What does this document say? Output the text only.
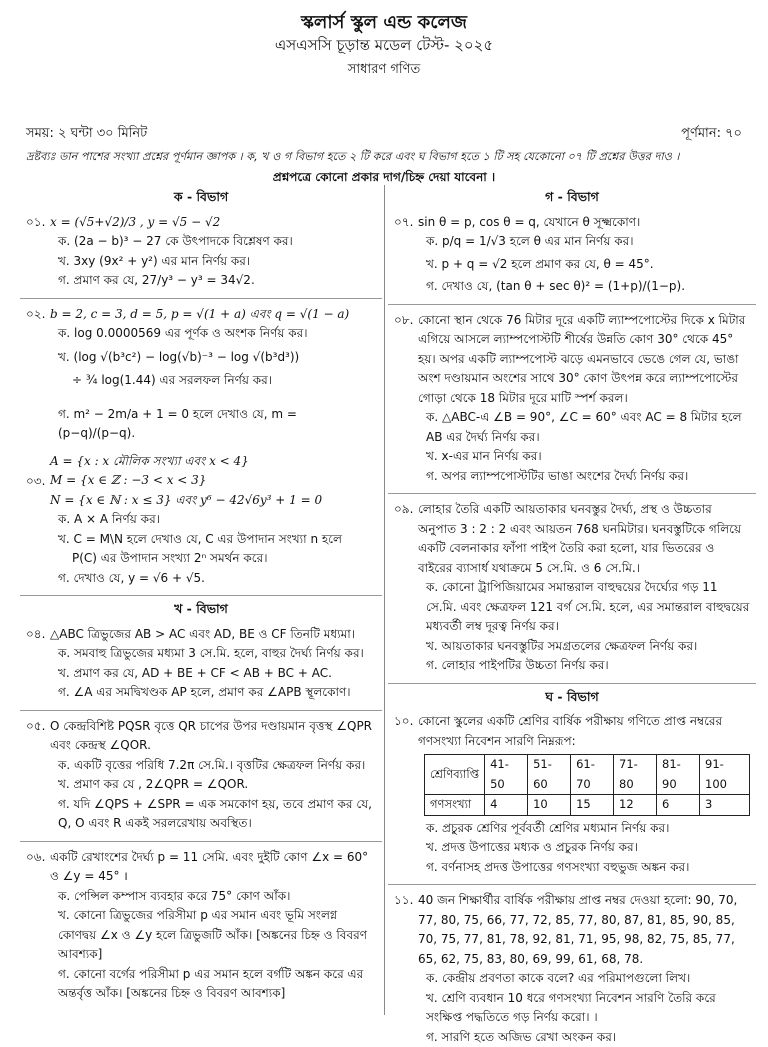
স্কলার্স স্কুল এন্ড কলেজ
এসএসসি চূড়ান্ত মডেল টেস্ট- ২০২৫
সাধারণ গণিত
সময়: ২ ঘন্টা ৩০ মিনিট	পূর্ণমান: ৭০
দ্রষ্টব্যঃ ডান পাশের সংখ্যা প্রশ্নের পূর্ণমান জ্ঞাপক । ক, খ ও গ বিভাগ হতে ২ টি করে এবং ঘ বিভাগ হতে ১ টি সহ যেকোনো ০৭ টি প্রশ্নের উত্তর দাও ।
প্রশ্নপত্রে কোনো প্রকার দাগ/চিহ্ন দেয়া যাবেনা ।
ক - বিভাগ
০১. x = (√5+√2)/3 , y = √5 − √2
ক. (2a − b)³ − 27 কে উৎপাদকে বিশ্লেষণ কর।
খ. 3xy (9x² + y²) এর মান নির্ণয় কর।
গ. প্রমাণ কর যে, 27/y³ − y³ = 34√2.
০২. b = 2, c = 3, d = 5, p = √(1 + a) এবং q = √(1 − a)
ক. log 0.0000569 এর পূর্ণক ও অংশক নির্ণয় কর।
খ. (log √(b³c²) − log(√b)⁻³ − log √(b³d³))
÷ ¾ log(1.44) এর সরলফল নির্ণয় কর।
গ. m² − 2m/a + 1 = 0 হলে দেখাও যে, m = (p−q)/(p−q).
A = {x : x মৌলিক সংখ্যা এবং x < 4}
০৩. M = {x ∈ ℤ : −3 < x < 3}
N = {x ∈ ℕ : x ≤ 3} এবং y⁶ − 42√6y³ + 1 = 0
ক. A × A নির্ণয় কর।
খ. C = M\N হলে দেখাও যে, C এর উপাদান সংখ্যা n হলে
P(C) এর উপাদান সংখ্যা 2ⁿ সমর্থন করে।
গ. দেখাও যে, y = √6 + √5.
খ - বিভাগ
০৪. △ABC ত্রিভুজের AB > AC এবং AD, BE ও CF তিনটি মধ্যমা।
ক. সমবাহু ত্রিভুজের মধ্যমা 3 সে.মি. হলে, বাহুর দৈর্ঘ্য নির্ণয় কর।
খ. প্রমাণ কর যে, AD + BE + CF < AB + BC + AC.
গ. ∠A এর সমদ্বিখণ্ডক AP হলে, প্রমাণ কর ∠APB স্থূলকোণ।
০৫. O কেন্দ্রবিশিষ্ট PQSR বৃত্তে QR চাপের উপর দণ্ডায়মান বৃত্তস্থ ∠QPR এবং কেন্দ্রস্থ ∠QOR.
ক. একটি বৃত্তের পরিধি 7.2π সে.মি.। বৃত্তটির ক্ষেত্রফল নির্ণয় কর।
খ. প্রমাণ কর যে , 2∠QPR = ∠QOR.
গ. যদি ∠QPS + ∠SPR = এক সমকোণ হয়, তবে প্রমাণ কর যে, Q, O এবং R একই সরলরেখায় অবস্থিত।
০৬. একটি রেখাংশের দৈর্ঘ্য p = 11 সেমি. এবং দুইটি কোণ ∠x = 60° ও ∠y = 45° ।
ক. পেন্সিল কম্পাস ব্যবহার করে 75° কোণ আঁক।
খ. কোনো ত্রিভুজের পরিসীমা p এর সমান এবং ভূমি সংলগ্ন কোণদ্বয় ∠x ও ∠y হলে ত্রিভুজটি আঁক। [অঙ্কনের চিহ্ন ও বিবরণ আবশ্যক]
গ. কোনো বর্গের পরিসীমা p এর সমান হলে বর্গটি অঙ্কন করে এর অন্তর্বৃত্ত আঁক। [অঙ্কনের চিহ্ন ও বিবরণ আবশ্যক]
গ - বিভাগ
০৭. sin θ = p, cos θ = q, যেখানে θ সূক্ষ্মকোণ।
ক. p/q = 1/√3 হলে θ এর মান নির্ণয় কর।
খ. p + q = √2 হলে প্রমাণ কর যে, θ = 45°.
গ. দেখাও যে, (tan θ + sec θ)² = (1+p)/(1−p).
০৮. কোনো স্থান থেকে 76 মিটার দূরে একটি ল্যাম্পপোস্টের দিকে x মিটার এগিয়ে আসলে ল্যাম্পপোস্টটি শীর্ষের উন্নতি কোণ 30° থেকে 45° হয়। অপর একটি ল্যাম্পপোস্ট ঝড়ে এমনভাবে ভেঙে গেল যে, ভাঙা অংশ দণ্ডায়মান অংশের সাথে 30° কোণ উৎপন্ন করে ল্যাম্পপোস্টের গোড়া থেকে 18 মিটার দূরে মাটি স্পর্শ করল।
ক. △ABC-এ ∠B = 90°, ∠C = 60° এবং AC = 8 মিটার হলে AB এর দৈর্ঘ্য নির্ণয় কর।
খ. x-এর মান নির্ণয় কর।
গ. অপর ল্যাম্পপোস্টটির ভাঙা অংশের দৈর্ঘ্য নির্ণয় কর।
০৯. লোহার তৈরি একটি আয়তাকার ঘনবস্তুর দৈর্ঘ্য, প্রস্থ ও উচ্চতার অনুপাত 3 : 2 : 2 এবং আয়তন 768 ঘনমিটার। ঘনবস্তুটিকে গলিয়ে একটি বেলনাকার ফাঁপা পাইপ তৈরি করা হলো, যার ভিতরের ও বাইরের ব্যাসার্ধ যথাক্রমে 5 সে.মি. ও 6 সে.মি.।
ক. কোনো ট্রাপিজিয়ামের সমান্তরাল বাহুদ্বয়ের দৈর্ঘ্যের গড় 11 সে.মি. এবং ক্ষেত্রফল 121 বর্গ সে.মি. হলে, এর সমান্তরাল বাহুদ্বয়ের মধ্যবর্তী লম্ব দূরত্ব নির্ণয় কর।
খ. আয়তাকার ঘনবস্তুটির সমগ্রতলের ক্ষেত্রফল নির্ণয় কর।
গ. লোহার পাইপটির উচ্চতা নির্ণয় কর।
ঘ - বিভাগ
১০. কোনো স্কুলের একটি শ্রেণির বার্ষিক পরীক্ষায় গণিতে প্রাপ্ত নম্বরের গণসংখ্যা নিবেশন সারণি নিম্নরূপ:
শ্রেণিব্যাপ্তি	41-50	51-60	61-70	71-80	81-90	91-100
গণসংখ্যা	4	10	15	12	6	3
ক. প্রচুরক শ্রেণির পূর্ববর্তী শ্রেণির মধ্যমান নির্ণয় কর।
খ. প্রদত্ত উপাত্তের মধ্যক ও প্রচুরক নির্ণয় কর।
গ. বর্ণনাসহ প্রদত্ত উপাত্তের গণসংখ্যা বহুভুজ অঙ্কন কর।
১১. 40 জন শিক্ষার্থীর বার্ষিক পরীক্ষায় প্রাপ্ত নম্বর দেওয়া হলো: 90, 70, 77, 80, 75, 66, 77, 72, 85, 77, 80, 87, 81, 85, 90, 85, 70, 75, 77, 81, 78, 92, 81, 71, 95, 98, 82, 75, 85, 77, 65, 62, 75, 83, 80, 69, 99, 61, 68, 78.
ক. কেন্দ্রীয় প্রবণতা কাকে বলে? এর পরিমাপগুলো লিখ।
খ. শ্রেণি ব্যবধান 10 ধরে গণসংখ্যা নিবেশন সারণি তৈরি করে সংক্ষিপ্ত পদ্ধতিতে গড় নির্ণয় করো। ।
গ. সারণি হতে অজিভ রেখা অংকন কর।
